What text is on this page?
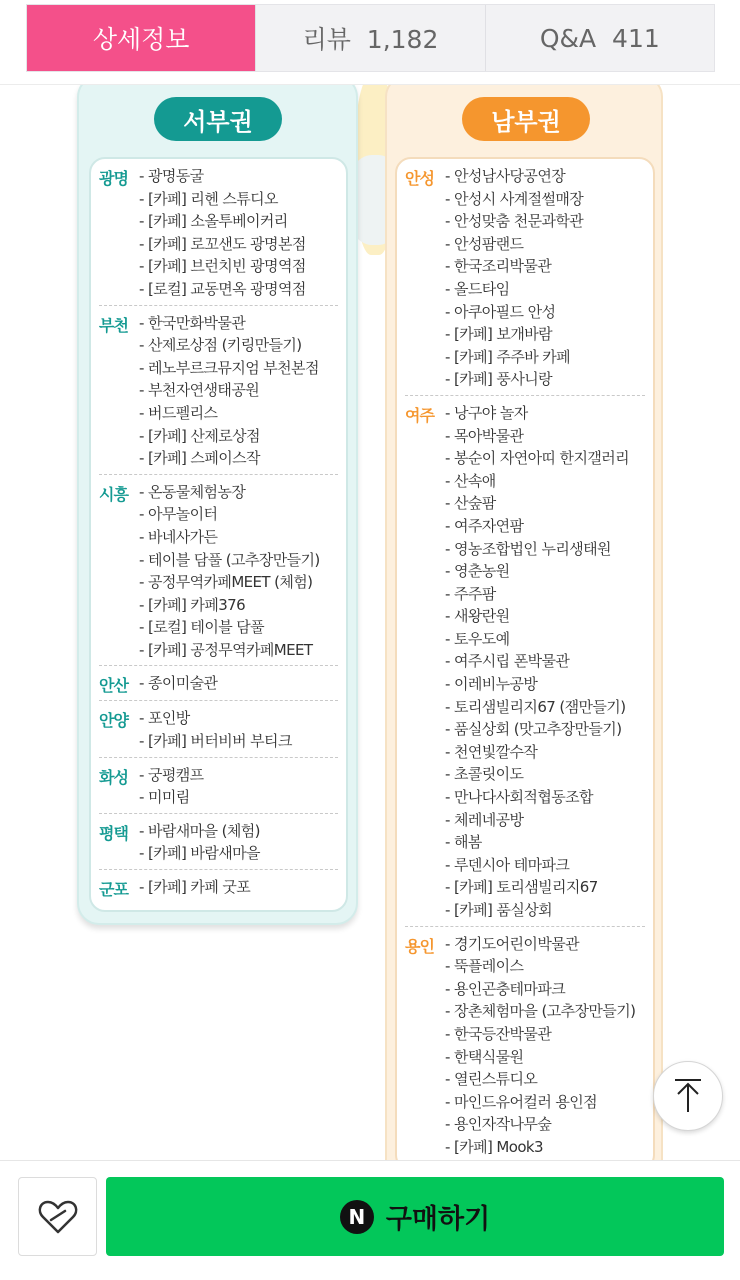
상세정보	리뷰  1,182	Q&A  411
서부권
광명 - 광명동굴
- [카페] 리헨 스튜디오
- [카페] 소올투베이커리
- [카페] 로꼬샌도 광명본점
- [카페] 브런치빈 광명역점
- [로컬] 교동면옥 광명역점
부천 - 한국만화박물관
- 산제로상점 (키링만들기)
- 레노부르크뮤지엄 부천본점
- 부천자연생태공원
- 버드펠리스
- [카페] 산제로상점
- [카페] 스페이스작
시흥 - 온동물체험농장
- 아무놀이터
- 바네사가든
- 테이블 담풀 (고추장만들기)
- 공정무역카페MEET (체험)
- [카페] 카페376
- [로컬] 테이블 담풀
- [카페] 공정무역카페MEET
안산 - 종이미술관
안양 - 포인방
- [카페] 버터비버 부티크
화성 - 궁평캠프
- 미미림
평택 - 바람새마을 (체험)
- [카페] 바람새마을
군포 - [카페] 카페 굿포
남부권
안성 - 안성남사당공연장
- 안성시 사계절썰매장
- 안성맞춤 천문과학관
- 안성팜랜드
- 한국조리박물관
- 올드타임
- 아쿠아필드 안성
- [카페] 보개바람
- [카페] 주주바 카페
- [카페] 풍사니랑
여주 - 낭구야 놀자
- 목아박물관
- 봉순이 자연아띠 한지갤러리
- 산속애
- 산숲팜
- 여주자연팜
- 영농조합법인 누리생태원
- 영춘농원
- 주주팜
- 새왕란원
- 토우도예
- 여주시립 폰박물관
- 이레비누공방
- 토리샘빌리지67 (잼만들기)
- 품실상회 (맛고추장만들기)
- 천연빛깔수작
- 초콜릿이도
- 만나다사회적협동조합
- 체레네공방
- 해봄
- 루덴시아 테마파크
- [카페] 토리샘빌리지67
- [카페] 품실상회
용인 - 경기도어린이박물관
- 뚝플레이스
- 용인곤충테마파크
- 장촌체험마을 (고추장만들기)
- 한국등잔박물관
- 한택식물원
- 열린스튜디오
- 마인드유어컬러 용인점
- 용인자작나무숲
- [카페] Mook3
N 구매하기
